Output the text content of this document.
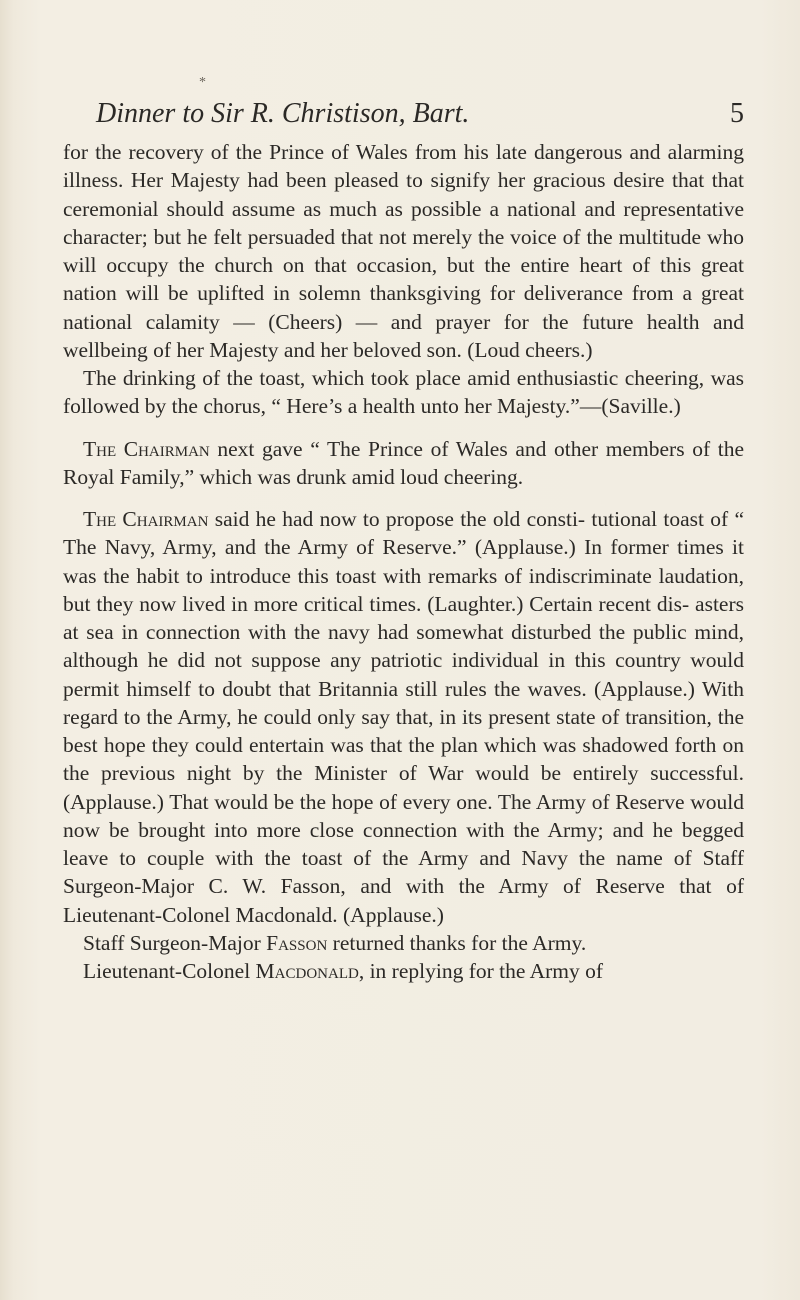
*
Dinner to Sir R. Christison, Bart.	5

for the recovery of the Prince of Wales from his late dangerous and alarming illness. Her Majesty had been pleased to signify her gracious desire that that ceremonial should assume as much as possible a national and representative character; but he felt persuaded that not merely the voice of the multitude who will occupy the church on that occasion, but the entire heart of this great nation will be uplifted in solemn thanksgiving for deliverance from a great national calamity — (Cheers) — and prayer for the future health and wellbeing of her Majesty and her beloved son. (Loud cheers.)

The drinking of the toast, which took place amid enthusiastic cheering, was followed by the chorus, “ Here’s a health unto her Majesty.”—(Saville.)

The Chairman next gave “ The Prince of Wales and other members of the Royal Family,” which was drunk amid loud cheering.

The Chairman said he had now to propose the old consti- tutional toast of “ The Navy, Army, and the Army of Reserve.” (Applause.) In former times it was the habit to introduce this toast with remarks of indiscriminate laudation, but they now lived in more critical times. (Laughter.) Certain recent dis- asters at sea in connection with the navy had somewhat disturbed the public mind, although he did not suppose any patriotic individual in this country would permit himself to doubt that Britannia still rules the waves. (Applause.) With regard to the Army, he could only say that, in its present state of transition, the best hope they could entertain was that the plan which was shadowed forth on the previous night by the Minister of War would be entirely successful. (Applause.) That would be the hope of every one. The Army of Reserve would now be brought into more close connection with the Army; and he begged leave to couple with the toast of the Army and Navy the name of Staff Surgeon-Major C. W. Fasson, and with the Army of Reserve that of Lieutenant-Colonel Macdonald. (Applause.)

Staff Surgeon-Major Fasson returned thanks for the Army.

Lieutenant-Colonel Macdonald, in replying for the Army of
